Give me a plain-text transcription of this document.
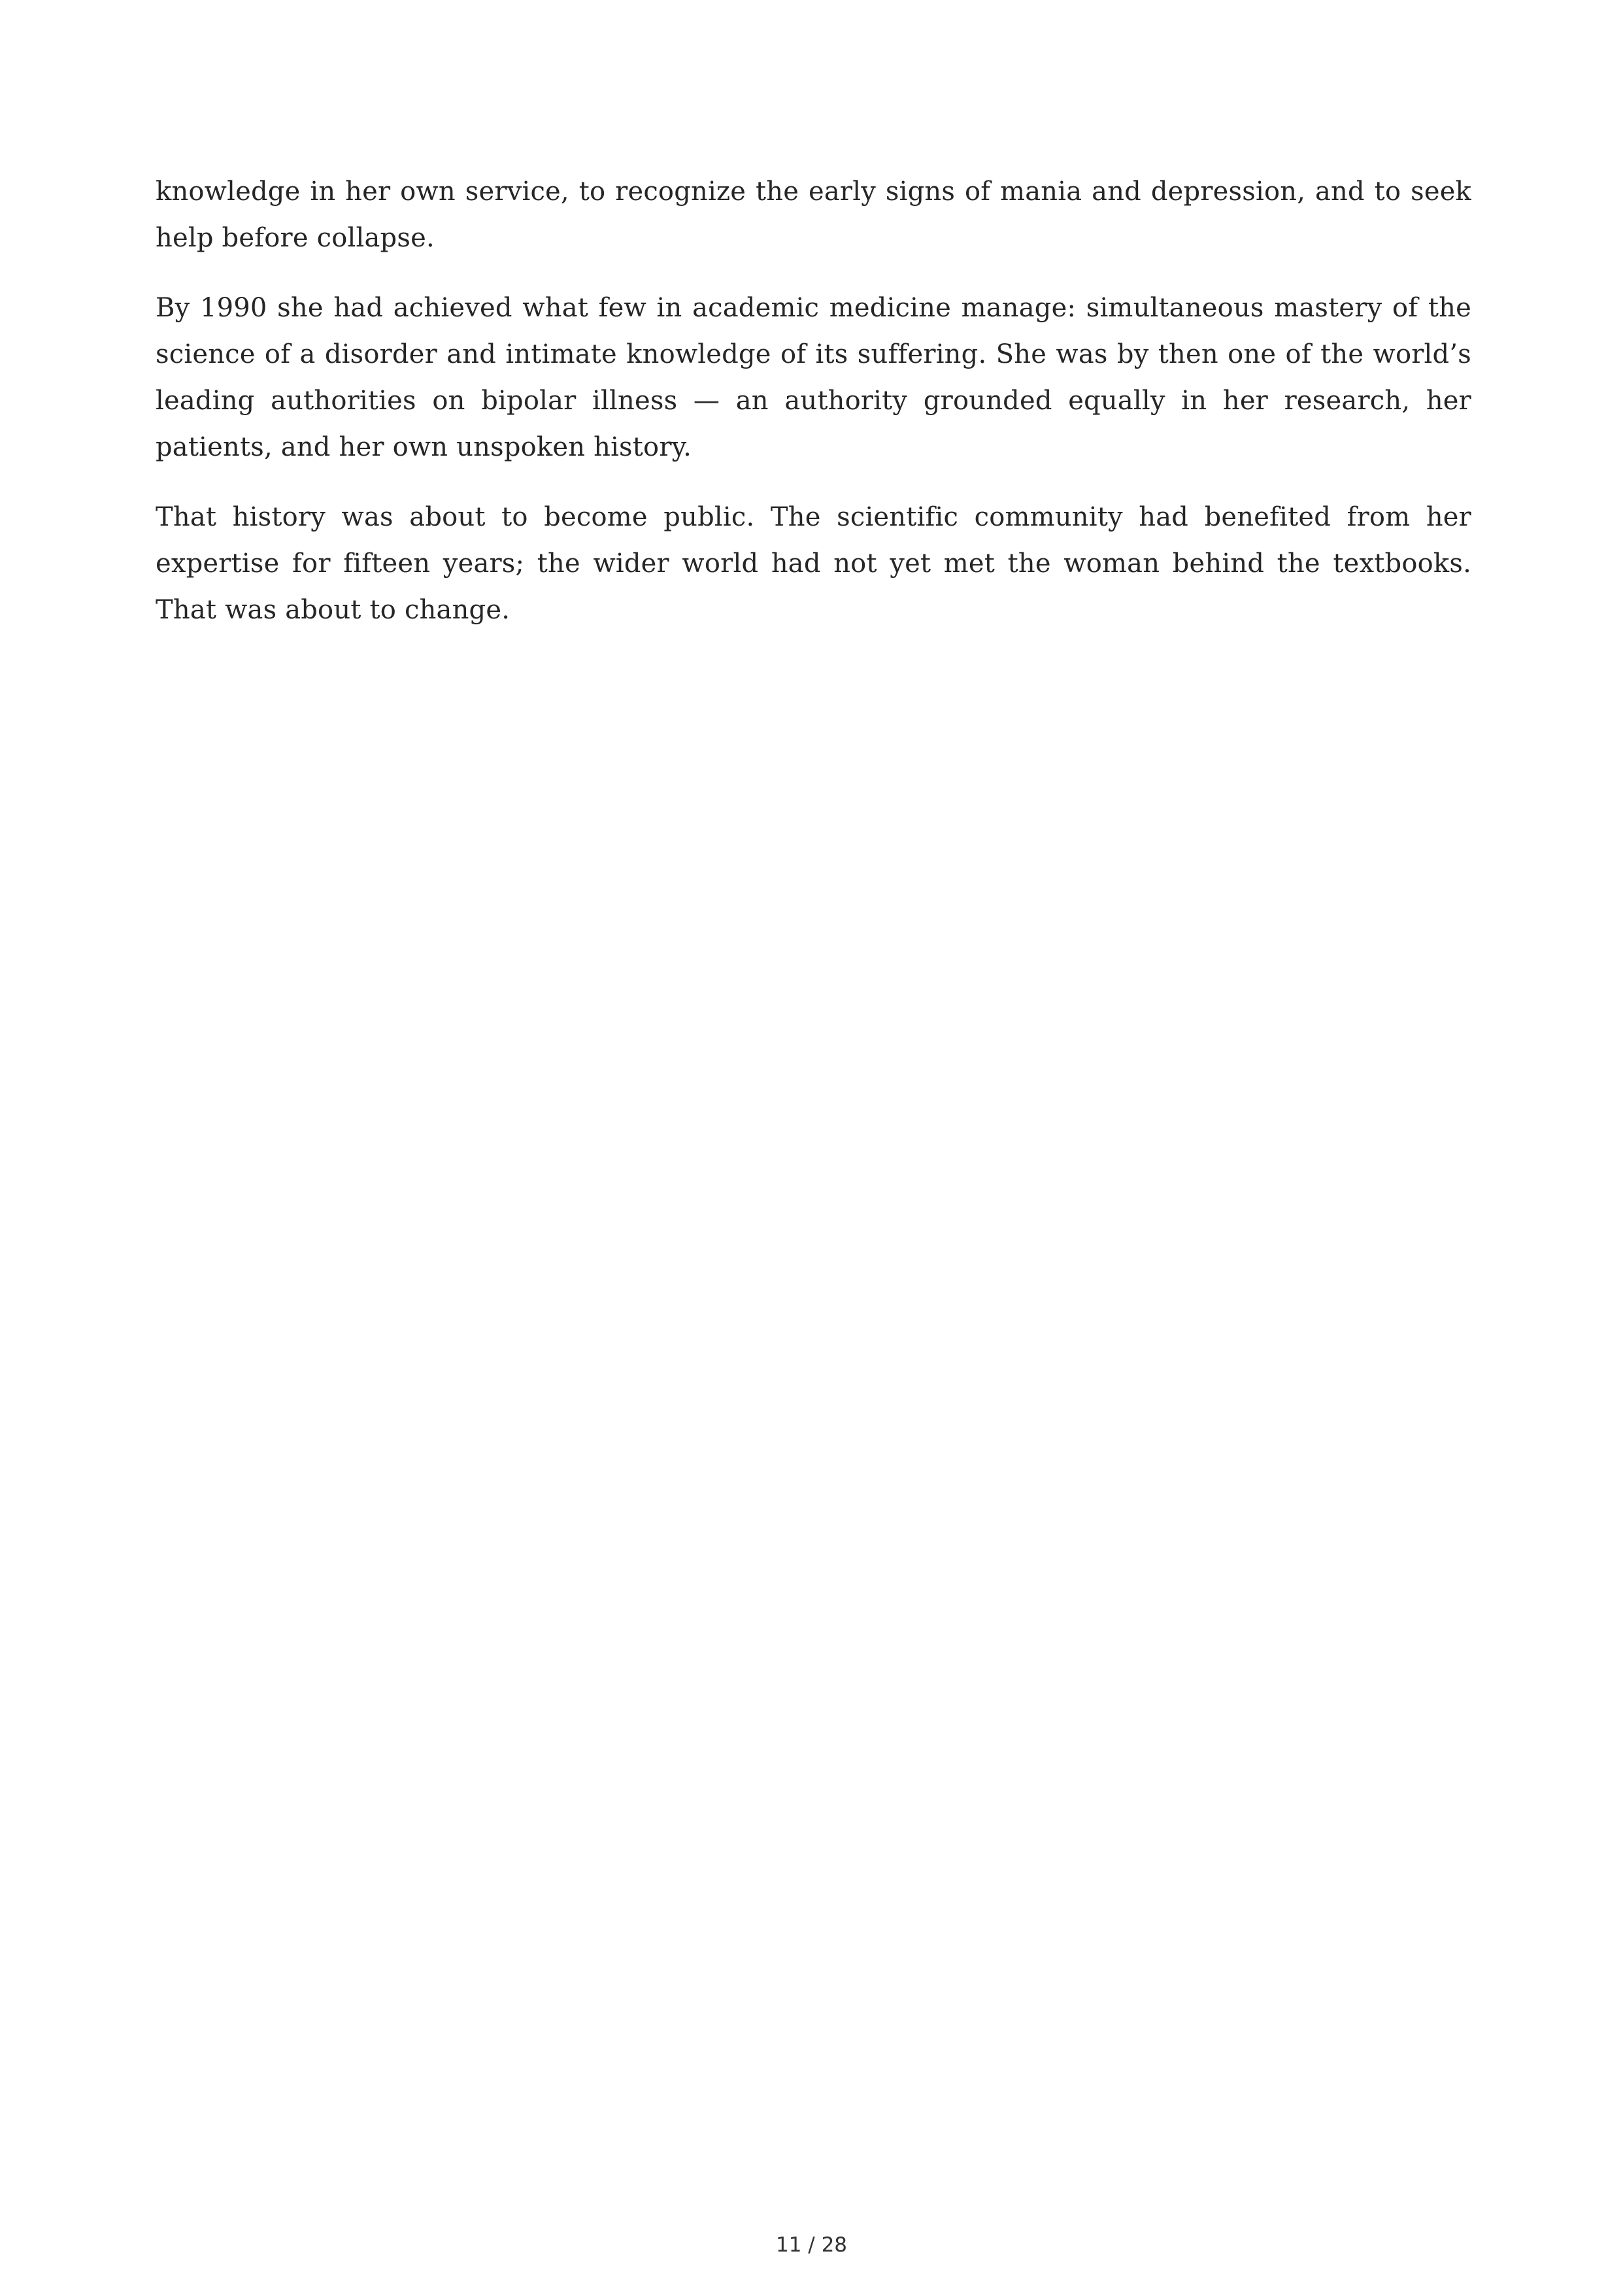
knowledge in her own service, to recognize the early signs of mania and depression, and to seek help before collapse.

By 1990 she had achieved what few in academic medicine manage: simultaneous mastery of the science of a disorder and intimate knowledge of its suffering. She was by then one of the world’s leading authorities on bipolar illness — an authority grounded equally in her research, her patients, and her own unspoken history.

That history was about to become public. The scientific community had benefited from her expertise for fifteen years; the wider world had not yet met the woman behind the textbooks. That was about to change.

11 / 28
